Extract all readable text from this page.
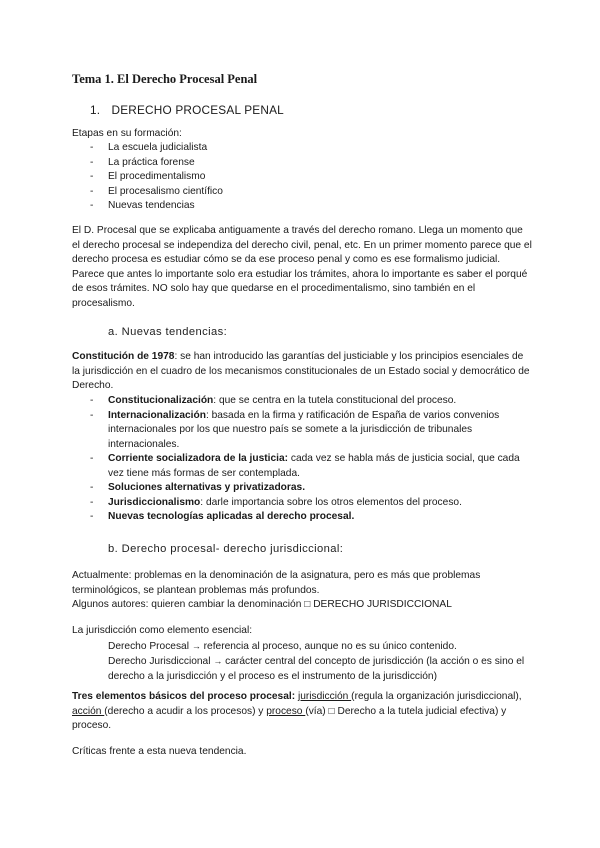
Tema 1. El Derecho Procesal Penal
1. DERECHO PROCESAL PENAL

Etapas en su formación:

- La escuela judicialista
- La práctica forense
- El procedimentalismo
- El procesalismo científico
- Nuevas tendencias

El D. Procesal que se explicaba antiguamente a través del derecho romano. Llega un momento que el derecho procesal se independiza del derecho civil, penal, etc. En un primer momento parece que el derecho procesa es estudiar cómo se da ese proceso penal y como es ese formalismo judicial. Parece que antes lo importante solo era estudiar los trámites, ahora lo importante es saber el porqué de esos trámites. NO solo hay que quedarse en el procedimentalismo, sino también en el procesalismo.

a. Nuevas tendencias:

Constitución de 1978: se han introducido las garantías del justiciable y los principios esenciales de la jurisdicción en el cuadro de los mecanismos constitucionales de un Estado social y democrático de Derecho.

- Constitucionalización: que se centra en la tutela constitucional del proceso.
- Internacionalización: basada en la firma y ratificación de España de varios convenios internacionales por los que nuestro país se somete a la jurisdicción de tribunales internacionales.
- Corriente socializadora de la justicia: cada vez se habla más de justicia social, que cada vez tiene más formas de ser contemplada.
- Soluciones alternativas y privatizadoras.
- Jurisdiccionalismo: darle importancia sobre los otros elementos del proceso.
- Nuevas tecnologías aplicadas al derecho procesal.
b. Derecho procesal- derecho jurisdiccional:

Actualmente: problemas en la denominación de la asignatura, pero es más que problemas terminológicos, se plantean problemas más profundos.

Algunos autores: quieren cambiar la denominación □ DERECHO JURISDICCIONAL

La jurisdicción como elemento esencial:

Derecho Procesal → referencia al proceso, aunque no es su único contenido.

Derecho Jurisdiccional → carácter central del concepto de jurisdicción (la acción o es sino el derecho a la jurisdicción y el proceso es el instrumento de la jurisdicción)

Tres elementos básicos del proceso procesal: jurisdicción (regula la organización jurisdiccional), acción (derecho a acudir a los procesos) y proceso (vía) □ Derecho a la tutela judicial efectiva) y proceso.

Críticas frente a esta nueva tendencia.
